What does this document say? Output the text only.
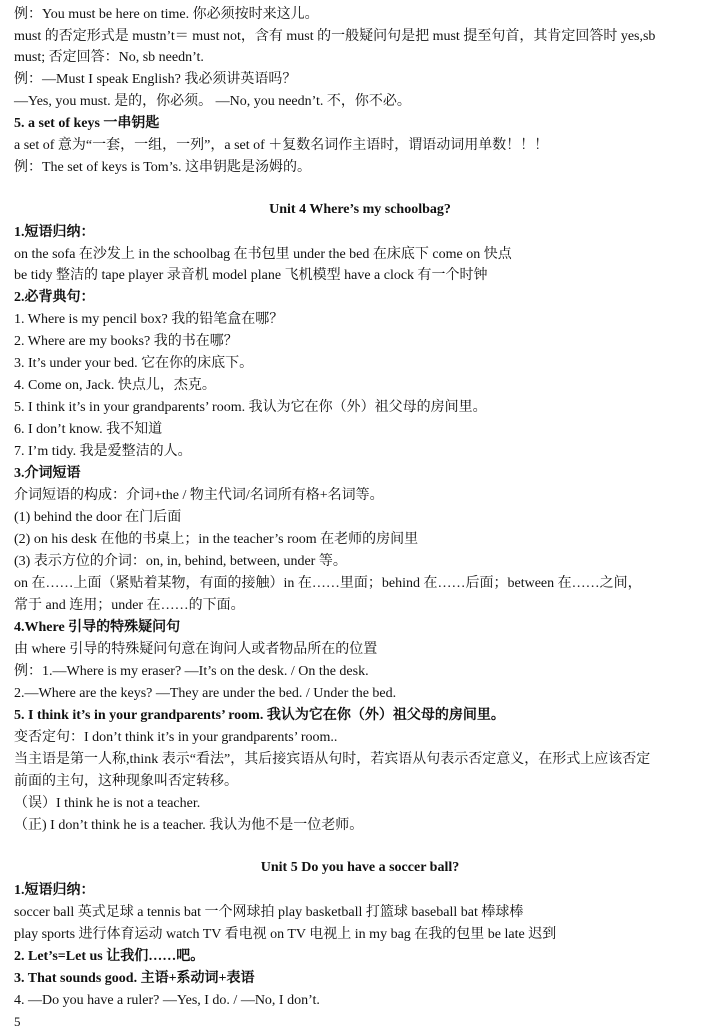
例：You must be here on time. 你必须按时来这儿。
must 的否定形式是 mustn’t＝ must not，含有 must 的一般疑问句是把 must 提至句首，其肯定回答时 yes,sb
must; 否定回答：No, sb needn’t.
例：—Must I speak English? 我必须讲英语吗？
—Yes, you must. 是的，你必须。 —No, you needn’t. 不，你不必。
5. a set of keys 一串钥匙
a set of 意为“一套，一组，一列”，a set of ＋复数名词作主语时，谓语动词用单数！！！
例：The set of keys is Tom’s. 这串钥匙是汤姆的。
Unit 4 Where’s my schoolbag?
1.短语归纳：
on the sofa 在沙发上 in the schoolbag 在书包里 under the bed 在床底下 come on 快点
be tidy 整洁的 tape player 录音机 model plane 飞机模型 have a clock 有一个时钟
2.必背典句：
1. Where is my pencil box? 我的铅笔盒在哪？
2. Where are my books? 我的书在哪？
3. It’s under your bed. 它在你的床底下。
4. Come on, Jack. 快点儿，杰克。
5. I think it’s in your grandparents’ room. 我认为它在你（外）祖父母的房间里。
6. I don’t know. 我不知道
7. I’m tidy. 我是爱整洁的人。
3.介词短语
介词短语的构成：介词+the / 物主代词/名词所有格+名词等。
(1) behind the door 在门后面
(2) on his desk 在他的书桌上；in the teacher’s room 在老师的房间里
(3) 表示方位的介词：on, in, behind, between, under 等。
on 在……上面（紧贴着某物，有面的接触）in 在……里面；behind 在……后面；between 在……之间，
常于 and 连用；under 在……的下面。
4.Where 引导的特殊疑问句
由 where 引导的特殊疑问句意在询问人或者物品所在的位置
例：1.—Where is my eraser? —It’s on the desk. / On the desk.
2.—Where are the keys? —They are under the bed. / Under the bed.
5. I think it’s in your grandparents’ room. 我认为它在你（外）祖父母的房间里。
变否定句：I don’t think it’s in your grandparents’ room..
当主语是第一人称,think 表示“看法”，其后接宾语从句时，若宾语从句表示否定意义，在形式上应该否定
前面的主句，这种现象叫否定转移。
（误）I think he is not a teacher.
（正) I don’t think he is a teacher. 我认为他不是一位老师。
Unit 5 Do you have a soccer ball?
1.短语归纳：
soccer ball 英式足球 a tennis bat 一个网球拍 play basketball 打篮球 baseball bat 棒球棒
play sports 进行体育运动 watch TV 看电视 on TV 电视上 in my bag 在我的包里 be late 迟到
2. Let’s=Let us 让我们……吧。
3. That sounds good. 主语+系动词+表语
4. —Do you have a ruler? —Yes, I do. / —No, I don’t.
5
